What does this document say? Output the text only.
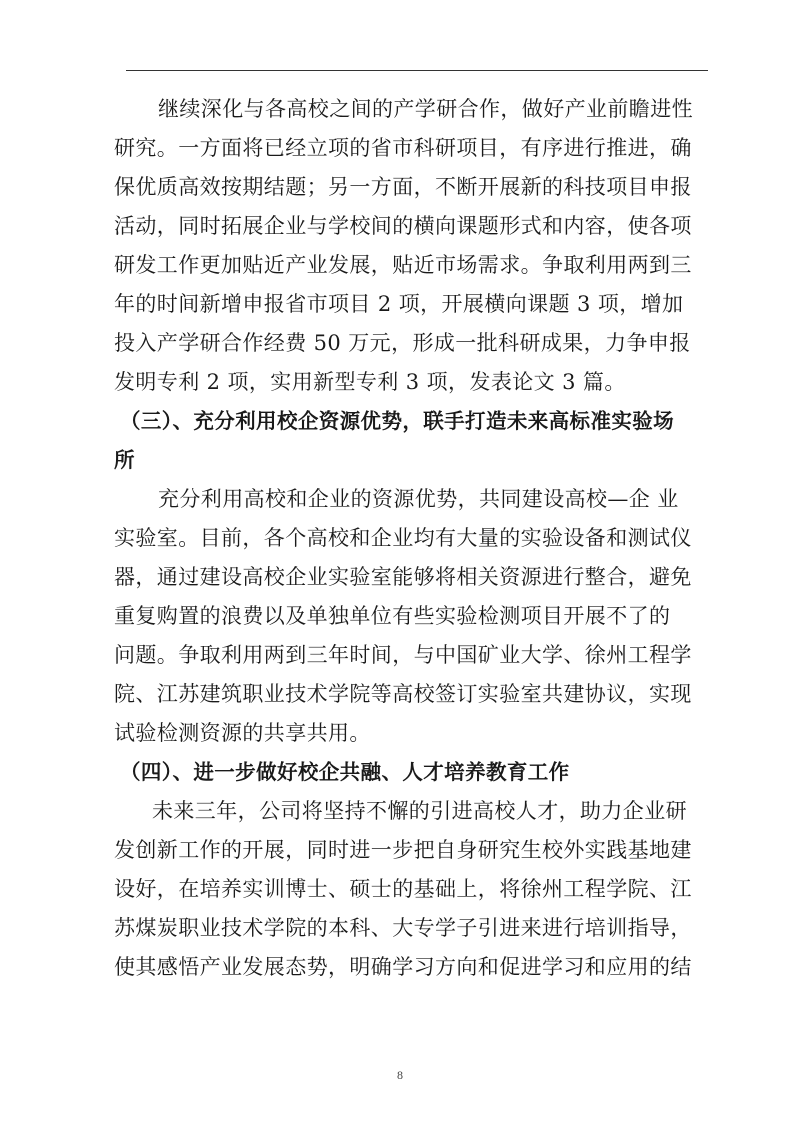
继续深化与各高校之间的产学研合作，做好产业前瞻进性
研究。一方面将已经立项的省市科研项目，有序进行推进，确
保优质高效按期结题；另一方面，不断开展新的科技项目申报
活动，同时拓展企业与学校间的横向课题形式和内容，使各项
研发工作更加贴近产业发展，贴近市场需求。争取利用两到三
年的时间新增申报省市项目 2 项，开展横向课题 3 项，增加
投入产学研合作经费 50 万元，形成一批科研成果，力争申报
发明专利 2 项，实用新型专利 3 项，发表论文 3 篇。
（三）、充分利用校企资源优势，联手打造未来高标准实验场
所
充分利用高校和企业的资源优势，共同建设高校—企 业
实验室。目前，各个高校和企业均有大量的实验设备和测试仪
器，通过建设高校企业实验室能够将相关资源进行整合，避免
重复购置的浪费以及单独单位有些实验检测项目开展不了的
问题。争取利用两到三年时间，与中国矿业大学、徐州工程学
院、江苏建筑职业技术学院等高校签订实验室共建协议，实现
试验检测资源的共享共用。
（四）、进一步做好校企共融、人才培养教育工作
未来三年，公司将坚持不懈的引进高校人才，助力企业研
发创新工作的开展，同时进一步把自身研究生校外实践基地建
设好，在培养实训博士、硕士的基础上，将徐州工程学院、江
苏煤炭职业技术学院的本科、大专学子引进来进行培训指导，
使其感悟产业发展态势，明确学习方向和促进学习和应用的结
8
